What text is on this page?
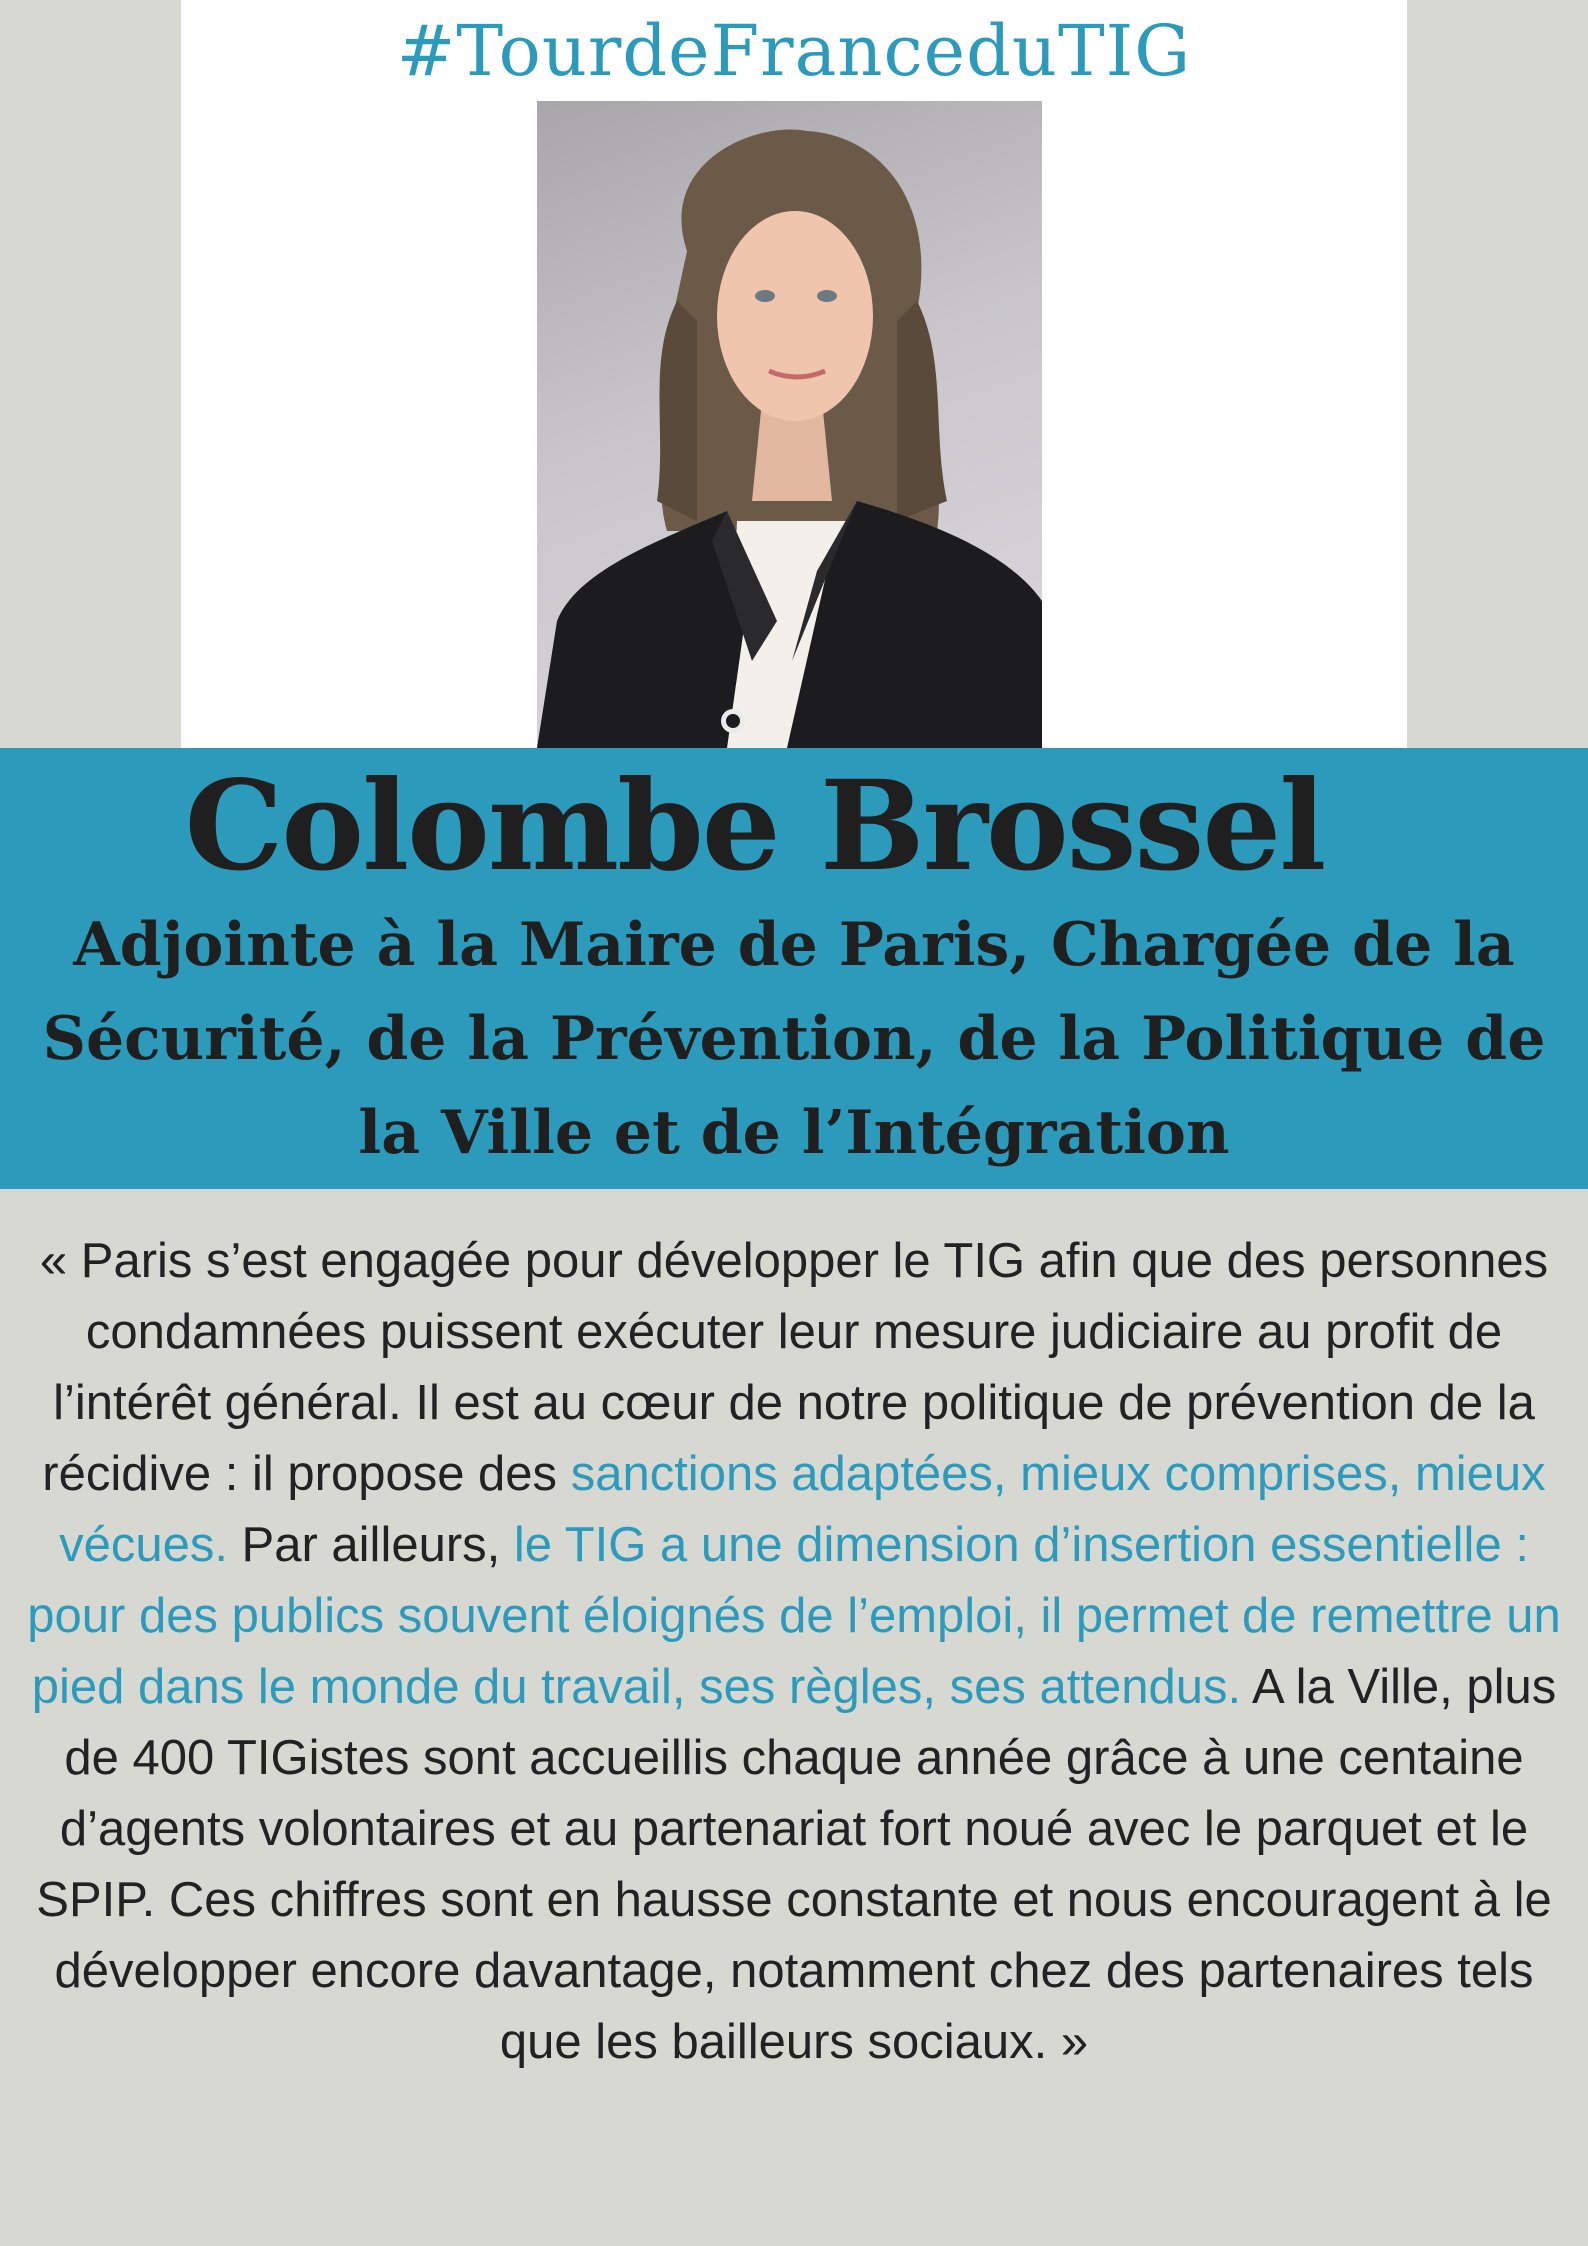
#TourdeFranceduTIG
Colombe Brossel
Adjointe à la Maire de Paris, Chargée de la
Sécurité, de la Prévention, de la Politique de
la Ville et de l’Intégration
« Paris s’est engagée pour développer le TIG afin que des personnes condamnées puissent exécuter leur mesure judiciaire au profit de l’intérêt général. Il est au cœur de notre politique de prévention de la récidive : il propose des sanctions adaptées, mieux comprises, mieux vécues. Par ailleurs, le TIG a une dimension d’insertion essentielle : pour des publics souvent éloignés de l’emploi, il permet de remettre un pied dans le monde du travail, ses règles, ses attendus. A la Ville, plus de 400 TIGistes sont accueillis chaque année grâce à une centaine d’agents volontaires et au partenariat fort noué avec le parquet et le SPIP. Ces chiffres sont en hausse constante et nous encouragent à le développer encore davantage, notamment chez des partenaires tels que les bailleurs sociaux. »
